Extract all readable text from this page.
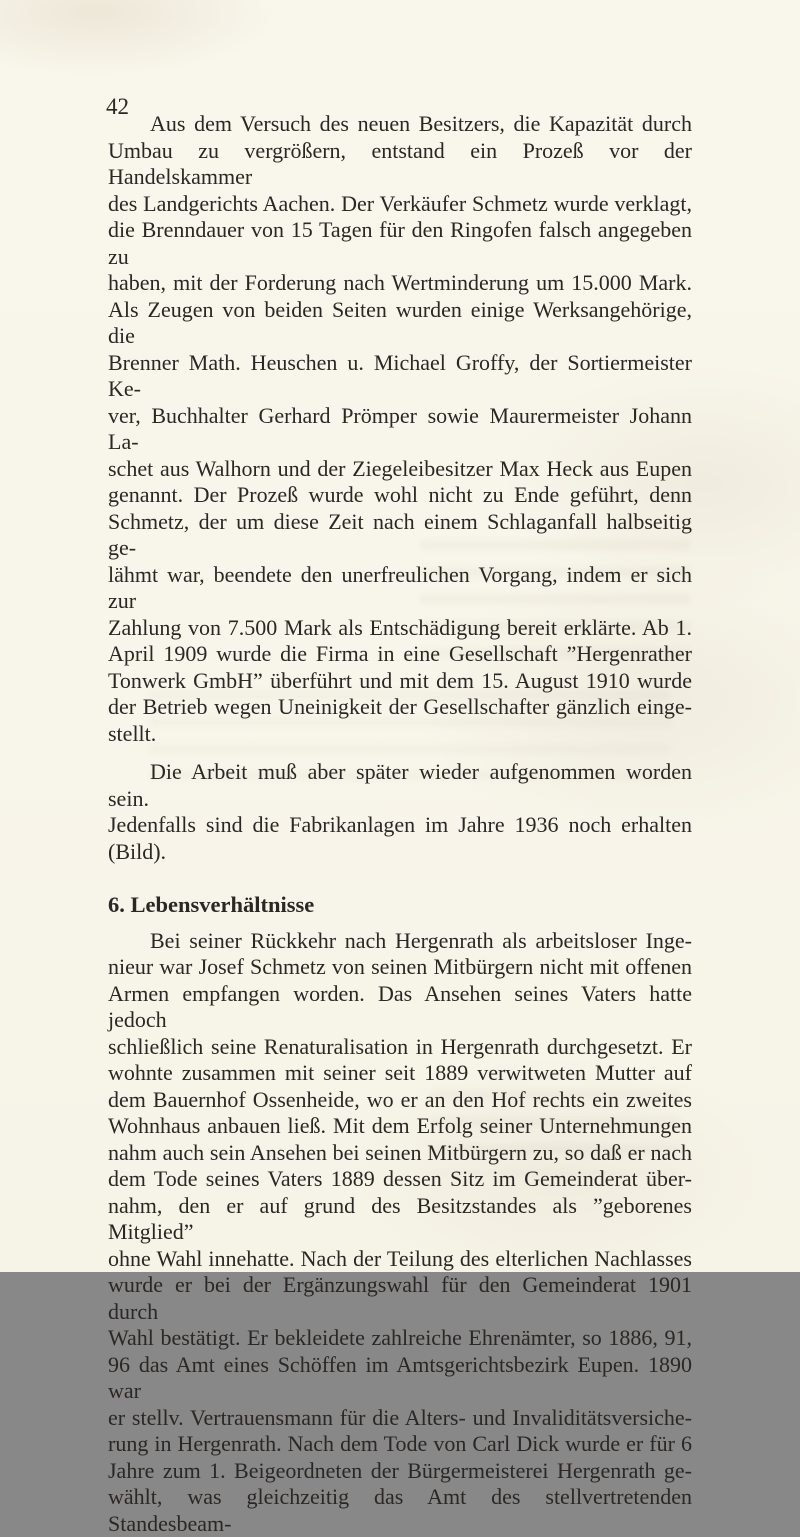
42
Aus dem Versuch des neuen Besitzers, die Kapazität durch
Umbau zu vergrößern, entstand ein Prozeß vor der Handelskammer
des Landgerichts Aachen. Der Verkäufer Schmetz wurde verklagt,
die Brenndauer von 15 Tagen für den Ringofen falsch angegeben zu
haben, mit der Forderung nach Wertminderung um 15.000 Mark.
Als Zeugen von beiden Seiten wurden einige Werksangehörige, die
Brenner Math. Heuschen u. Michael Groffy, der Sortiermeister Ke-
ver, Buchhalter Gerhard Prömper sowie Maurermeister Johann La-
schet aus Walhorn und der Ziegeleibesitzer Max Heck aus Eupen
genannt. Der Prozeß wurde wohl nicht zu Ende geführt, denn
Schmetz, der um diese Zeit nach einem Schlaganfall halbseitig ge-
lähmt war, beendete den unerfreulichen Vorgang, indem er sich zur
Zahlung von 7.500 Mark als Entschädigung bereit erklärte. Ab 1.
April 1909 wurde die Firma in eine Gesellschaft ”Hergenrather
Tonwerk GmbH” überführt und mit dem 15. August 1910 wurde
der Betrieb wegen Uneinigkeit der Gesellschafter gänzlich einge-
stellt.
Die Arbeit muß aber später wieder aufgenommen worden sein.
Jedenfalls sind die Fabrikanlagen im Jahre 1936 noch erhalten
(Bild).
6. Lebensverhältnisse
Bei seiner Rückkehr nach Hergenrath als arbeitsloser Inge-
nieur war Josef Schmetz von seinen Mitbürgern nicht mit offenen
Armen empfangen worden. Das Ansehen seines Vaters hatte jedoch
schließlich seine Renaturalisation in Hergenrath durchgesetzt. Er
wohnte zusammen mit seiner seit 1889 verwitweten Mutter auf
dem Bauernhof Ossenheide, wo er an den Hof rechts ein zweites
Wohnhaus anbauen ließ. Mit dem Erfolg seiner Unternehmungen
nahm auch sein Ansehen bei seinen Mitbürgern zu, so daß er nach
dem Tode seines Vaters 1889 dessen Sitz im Gemeinderat über-
nahm, den er auf grund des Besitzstandes als ”geborenes Mitglied”
ohne Wahl innehatte. Nach der Teilung des elterlichen Nachlasses
wurde er bei der Ergänzungswahl für den Gemeinderat 1901 durch
Wahl bestätigt. Er bekleidete zahlreiche Ehrenämter, so 1886, 91,
96 das Amt eines Schöffen im Amtsgerichtsbezirk Eupen. 1890 war
er stellv. Vertrauensmann für die Alters- und Invaliditätsversiche-
rung in Hergenrath. Nach dem Tode von Carl Dick wurde er für 6
Jahre zum 1. Beigeordneten der Bürgermeisterei Hergenrath ge-
wählt, was gleichzeitig das Amt des stellvertretenden Standesbeam-
